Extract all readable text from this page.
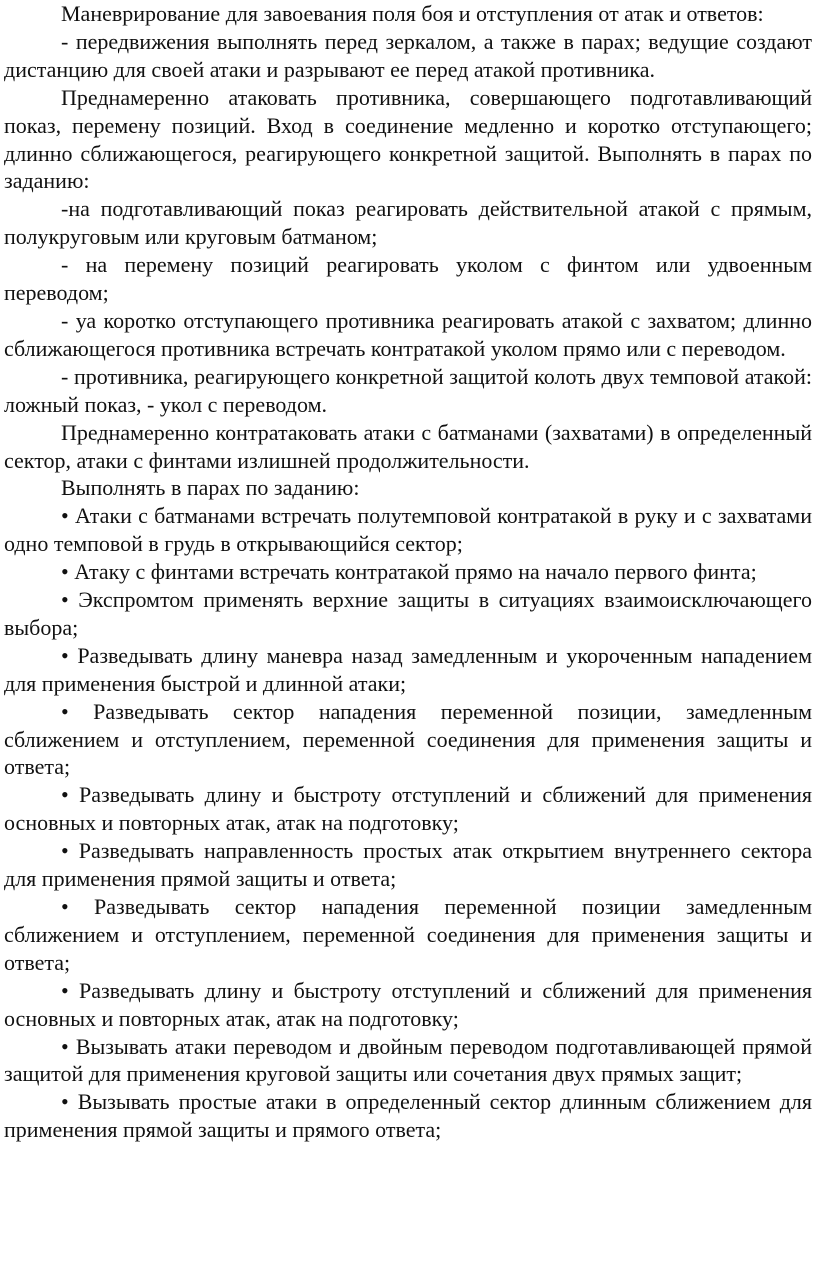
Маневрирование для завоевания поля боя и отступления от атак и ответов:

- передвижения выполнять перед зеркалом, а также в парах; ведущие создают дистанцию для своей атаки и разрывают ее перед атакой противника.

Преднамеренно атаковать противника, совершающего подготавливающий показ, перемену позиций. Вход в соединение медленно и коротко отступающего; длинно сближающегося, реагирующего конкретной защитой. Выполнять в парах по заданию:

-на подготавливающий показ реагировать действительной атакой с прямым, полукруговым или круговым батманом;

- на перемену позиций реагировать уколом с финтом или удвоенным переводом;

- уа коротко отступающего противника реагировать атакой с захватом; длинно сближающегося противника встречать контратакой уколом прямо или с переводом.

- противника, реагирующего конкретной защитой колоть двух темповой атакой: ложный показ, - укол с переводом.

Преднамеренно контратаковать атаки с батманами (захватами) в определенный сектор, атаки с финтами излишней продолжительности.

Выполнять в парах по заданию:

• Атаки с батманами встречать полутемповой контратакой в руку и с захватами одно темповой в грудь в открывающийся сектор;

• Атаку с финтами встречать контратакой прямо на начало первого финта;

• Экспромтом применять верхние защиты в ситуациях взаимоисключающего выбора;

• Разведывать длину маневра назад замедленным и укороченным нападением для применения быстрой и длинной атаки;

• Разведывать сектор нападения переменной позиции, замедленным сближением и отступлением, переменной соединения для применения защиты и ответа;

• Разведывать длину и быстроту отступлений и сближений для применения основных и повторных атак, атак на подготовку;

• Разведывать направленность простых атак открытием внутреннего сектора для применения прямой защиты и ответа;

• Разведывать сектор нападения переменной позиции замедленным сближением и отступлением, переменной соединения для применения защиты и ответа;

• Разведывать длину и быстроту отступлений и сближений для применения основных и повторных атак, атак на подготовку;

• Вызывать атаки переводом и двойным переводом подготавливающей прямой защитой для применения круговой защиты или сочетания двух прямых защит;

• Вызывать простые атаки в определенный сектор длинным сближением для применения прямой защиты и прямого ответа;
